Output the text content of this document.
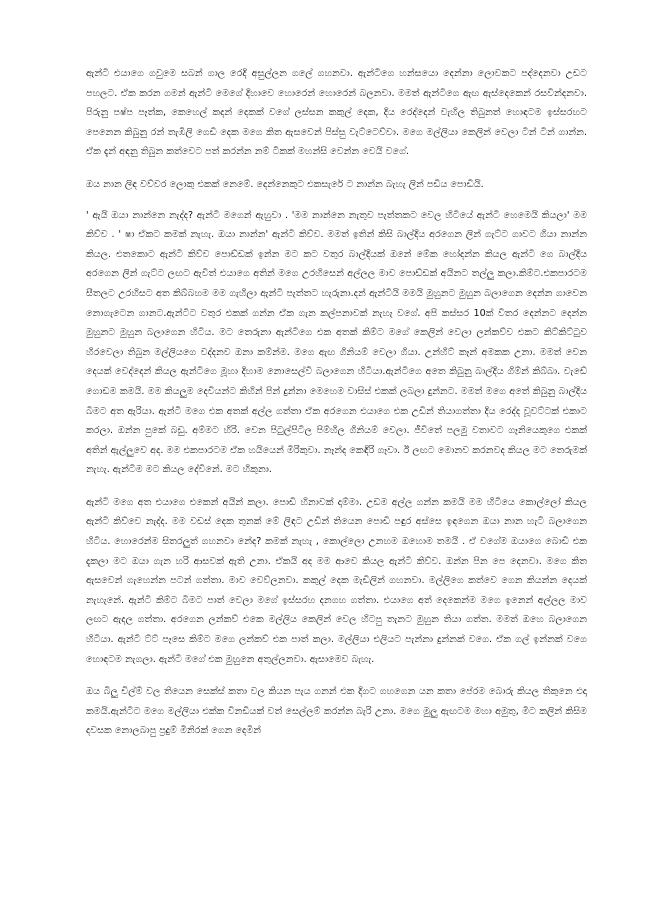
ඇන්ටි එයාගෙ ගවුමෙ සබන් ගාල රෙදි අසුල්ලන ගලේ ගහනවා. ඇන්ටිගෙ හන්සයො දෙන්නා ලොවකට පද්දෙනවා උඩට පහලට. ඒක කරන ගමන් ඇන්ටි මෙගේ දිහාවෙ හොරෙන් හොරෙන් බලනවා. මමත් ඇන්ටිගෙ ඇඟ ඇස්දෙකෙන් රසවින්දනවා. පිරුනු පෂ්ප පෑත්ක, කෙහෙල් කදන් දෙකක් වගේ ලස්සන කකුල් දෙක, දිය රෙද්දෙන් වැහිල තිබුනත් හොඳටම ඉස්සරහට පෙනෙන කිබුනු රන් තැඹිලි ගෙඩි දෙක මගෙ කිත ඇසවෙන් පිස්සු වැට්ටෙව්වා. මගෙ මල්ලියා කෙලින් වෙලා ටින් ටින් ගාන්න. ඒක දැන් අඳනු තිබුන කත්වෙට පත් කරන්න නම් ටිකක් මහන්සි වෙන්න වෙයි වගේ.

ඔය නාන ලිඳ වව්වර ලොකු එකක් නෙමේ. දෙන්නෙකුට එකසැරේ ට නාන්න බැහැ ලින් පඩිය පොඩියි.

' ඇයි ඔයා නාන්නෙ නැද්ද? ඇන්ටි මගෙන් ඇහුවා . 'මම නාන්නෙ නැතුව පැත්තකට වෙල හිටියේ ඇන්ටි හෙමෙයි කියලා' මම කිව්ව . ' ෂා ඒකට කමක් නැහැ. ඔයා නාන්න' ඇන්ටි කිව්ව. මමත් ඉතින් කිසි බාල්දිය අරගෙන ලින් ගැට්ට ගාවට ගියා නාන්න කියල. එතකොට ඇන්ටි කිව්ව පොඩ්ඩක් ඉන්න මට කට වතුර බාල්දියක් ඔනේ මේක හෝදන්න කියල ඇන්ටි ගෙ බාල්දිය අරගෙන ලින් ගැට්ට ලඟට ඇවිත් එයාගෙ අතින් මගෙ උරහිසෙන් අල්ලල මාව පොඩ්ඩක් අයිනට තල්ලු කලා.කිම්ට.එකපාරටම සීතලට උරහිසට අත කිබ්බහම මම ගැහිලා ඇන්ටි පැත්තට හැරුනා.දන් ඇන්ටියි මමයි මුහුනට මුහුන බලාගෙන දෙන්න ගාවෙන නොගැටෙන ගානට.ඇන්ටිට වතුර එකක් ගන්න ඒක ගැන කල්පනාවක් නැහැ වගේ. අපි කස්සර 10ක් විතර දෙන්නට දෙන්න මුහුනට මුහුන බලාගෙන හිටිය. මට තෙරුනා ඇන්ටිගෙ එක අතක් කිම්ට මගේ කෙලින් වෙලා ලන්කව්ව එකට කිට්කිට්ටුව හිරවෙලා තිබුන මල්ලියගෙ වද්දනව ඔනා කම්න්ම. මගෙ ඇඟ ගිනියම් වෙලා ගියා. උන්හිට් කෑන් අමකක උනා. මමත් වෙන දෙයක් වෙද්දෙන් කියල ඇන්ටිගෙ මූහා දිහාම නොසෙල්වී බලාගෙන හිටියා.ඇන්ටිගෙ අතෙ කිබුනු බාල්දිය ගිම්න් කිබ්බා. වැඩේ ගොඩම කමයි. මම කියලුම දෙවියන්ට කිහින් පින් දුන්නා මෙහෙම වාසිස් එකක් ලබලා දුන්නට. මමත් මගෙ අතේ කිබුනු බාල්දිය බිමට අත ඇරියා. ඇන්ටි මගෙ එක අතක් අල්ල ගත්තා ඒක අරගෙන එයාගෙ එක උඩින් තියාගත්තා දිය රෙද්ද වූවට්ටක් එකාට කරලා. ඔන්න පුකේ බඩු. අම්මට හිරි. වෙන පිටුල්පිටිල පිම්හිල ගිනියම් වෙලා. ජීවිතේ පලමු වතාවට ගෑනියෙකුගෙ එකක් අතින් ඇල්ලුවෙ අද. මම එකපාරටම ඒක හයියෙන් මිරිකුවා. නෑන්ද කෙඳිරි ගෑවා. ඊ ලඟට මොනව කරනවද කියල මට තෙරුමක් නැහැ. ඇන්ටිම මට කියල දේවිනේ. මට හිකුනා.

ඇන්ටි මගෙ අත එයාගෙ එකෙන් අයින් කලා. පොඩි හිනාවක් දාම්මා. උඩම අල්ල ගන්න කමයි මම හිටියෙ කොල්ලෝ කියල ඇන්ටි කිව්වෙ නැද්ද. මම වඩස් දෙක තුනක් මේ ලිඳට උඩින් තියෙන පොඩි පඳුර අස්සෙ ඉඳගෙන ඔයා නාන හැටි බලාගෙන හිටිය. හොරෙන්ම සිතරලුත් ගහනවා නේද? කමක් නැහැ , කොල්ලො උනහම ඔහොම තමයි . ඒ වගේම ඔයාගෙ බොඩි එක දැකලා මට ඔයා ගැන හරි ආසවක් ඇති උනා. ඒකයි අද මම ආවෙ කියල ඇන්ටි කිව්ව. ඔන්න පින පෙ දෙනවා. මගෙ කිත ඇසවෙන් ගැහෙන්න පටන් ගත්තා. මාව වෙව්ලනවා. කකුල් දෙක මැඩිලින් ගහනවා. මල්ලිගෙ කත්වෙ ගෙන කියන්න දෙයක් නැහැනේ. ඇන්ටි කිම්ට බිමට පාත් වෙලා මගේ ඉස්සරහ දනගහ ගත්තා. එයාගෙ අත් දෙකෙන්ම මගෙ ඉනෙන් අල්ලල මාව ලඟට ඇදල ගත්තා. අරගෙන ලන්කව් එකෙ මල්ලිය කෙලින් වෙල හිටපු තැනට මුහුන තියා ගත්ත. මමත් ඔහෙ බලාගෙන හිටියා. ඇන්ටි ට්ට් පෑසෙ කිම්ට මගෙ ලන්කව් එක පාත් කලා. මල්ලියා එලියට පැන්නා දුන්නක් වගෙ. ඒක ගල් ඉන්නක් වගෙ හොඳටම නැගලා. ඇන්ටි මගේ එක මුහුනෙ අතුල්ලනවා. ඇසාමෙව බැහැ.

ඔය බිලු චිල්ම් වල තියෙන සෙක්ස් කතා වල කියන පැය ගනන් එක දිගට ගහගෙන යන කතා පේරම බොරු කියල තිකුනෙ එදා කමයි.ඇන්ටිට මගෙ මල්ලියා එක්ක විනඩියක් වත් සෙල්ලම් කරන්න බැරි උනා. මගෙ මුලු ඇඟටම මහා අමුතු, මීට කලින් කිසිම දවසක නොලබාපු ප්‍රදුම් මීනිරක් ගෙන දෙමින්
